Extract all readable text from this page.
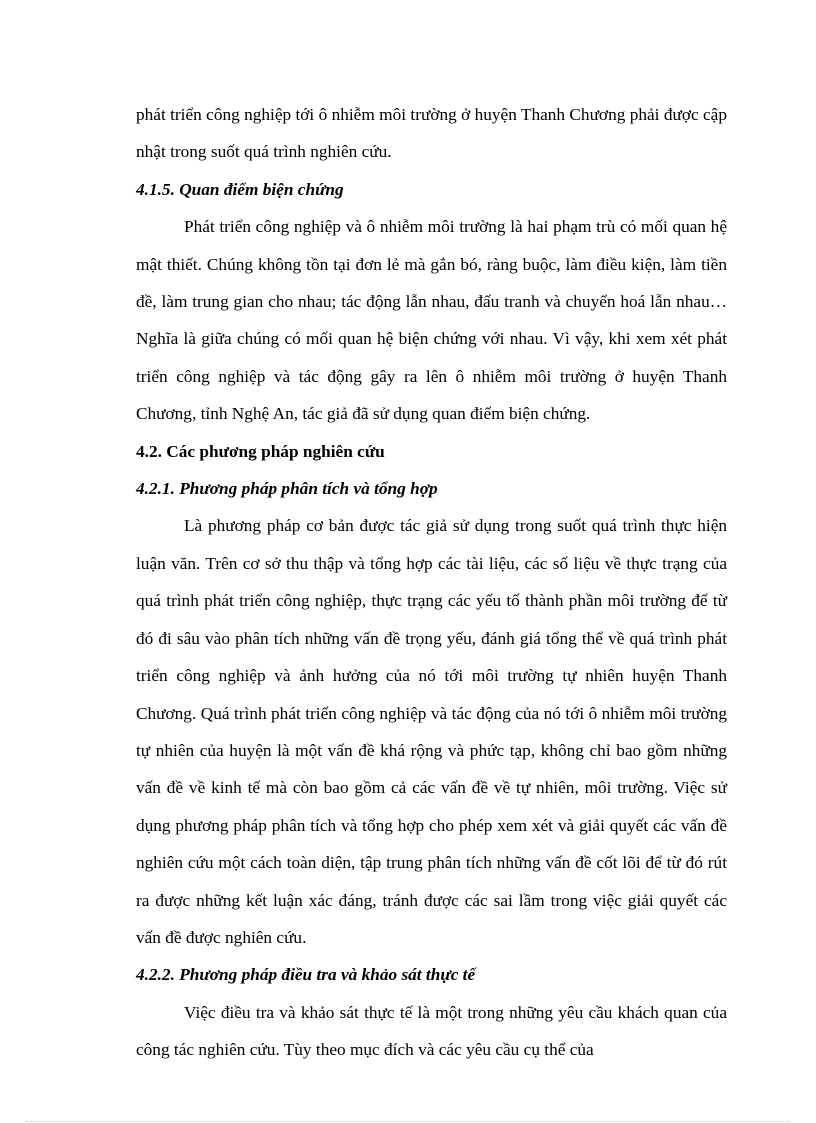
phát triển công nghiệp tới ô nhiễm môi trường ở huyện Thanh Chương phải được cập nhật trong suốt quá trình nghiên cứu.

4.1.5. Quan điểm biện chứng

Phát triển công nghiệp và ô nhiễm môi trường là hai phạm trù có mối quan hệ mật thiết. Chúng không tồn tại đơn lẻ mà gắn bó, ràng buộc, làm điều kiện, làm tiền đề, làm trung gian cho nhau; tác động lẫn nhau, đấu tranh và chuyển hoá lẫn nhau…Nghĩa là giữa chúng có mối quan hệ biện chứng với nhau. Vì vậy, khi xem xét phát triển công nghiệp và tác động gây ra lên ô nhiễm môi trường ở huyện Thanh Chương, tỉnh Nghệ An, tác giả đã sử dụng quan điểm biện chứng.

4.2. Các phương pháp nghiên cứu

4.2.1. Phương pháp phân tích và tổng hợp

Là phương pháp cơ bản được tác giả sử dụng trong suốt quá trình thực hiện luận văn. Trên cơ sở thu thập và tổng hợp các tài liệu, các số liệu về thực trạng của quá trình phát triển công nghiệp, thực trạng các yếu tố thành phần môi trường để từ đó đi sâu vào phân tích những vấn đề trọng yếu, đánh giá tổng thể về quá trình phát triển công nghiệp và ảnh hưởng của nó tới môi trường tự nhiên huyện Thanh Chương. Quá trình phát triển công nghiệp và tác động của nó tới ô nhiễm môi trường tự nhiên của huyện là một vấn đề khá rộng và phức tạp, không chỉ bao gồm những vấn đề về kinh tế mà còn bao gồm cả các vấn đề về tự nhiên, môi trường. Việc sử dụng phương pháp phân tích và tổng hợp cho phép xem xét và giải quyết các vấn đề nghiên cứu một cách toàn diện, tập trung phân tích những vấn đề cốt lõi để từ đó rút ra được những kết luận xác đáng, tránh được các sai lầm trong việc giải quyết các vấn đề được nghiên cứu.

4.2.2. Phương pháp điều tra và khảo sát thực tế

Việc điều tra và khảo sát thực tế là một trong những yêu cầu khách quan của công tác nghiên cứu. Tùy theo mục đích và các yêu cầu cụ thể của
